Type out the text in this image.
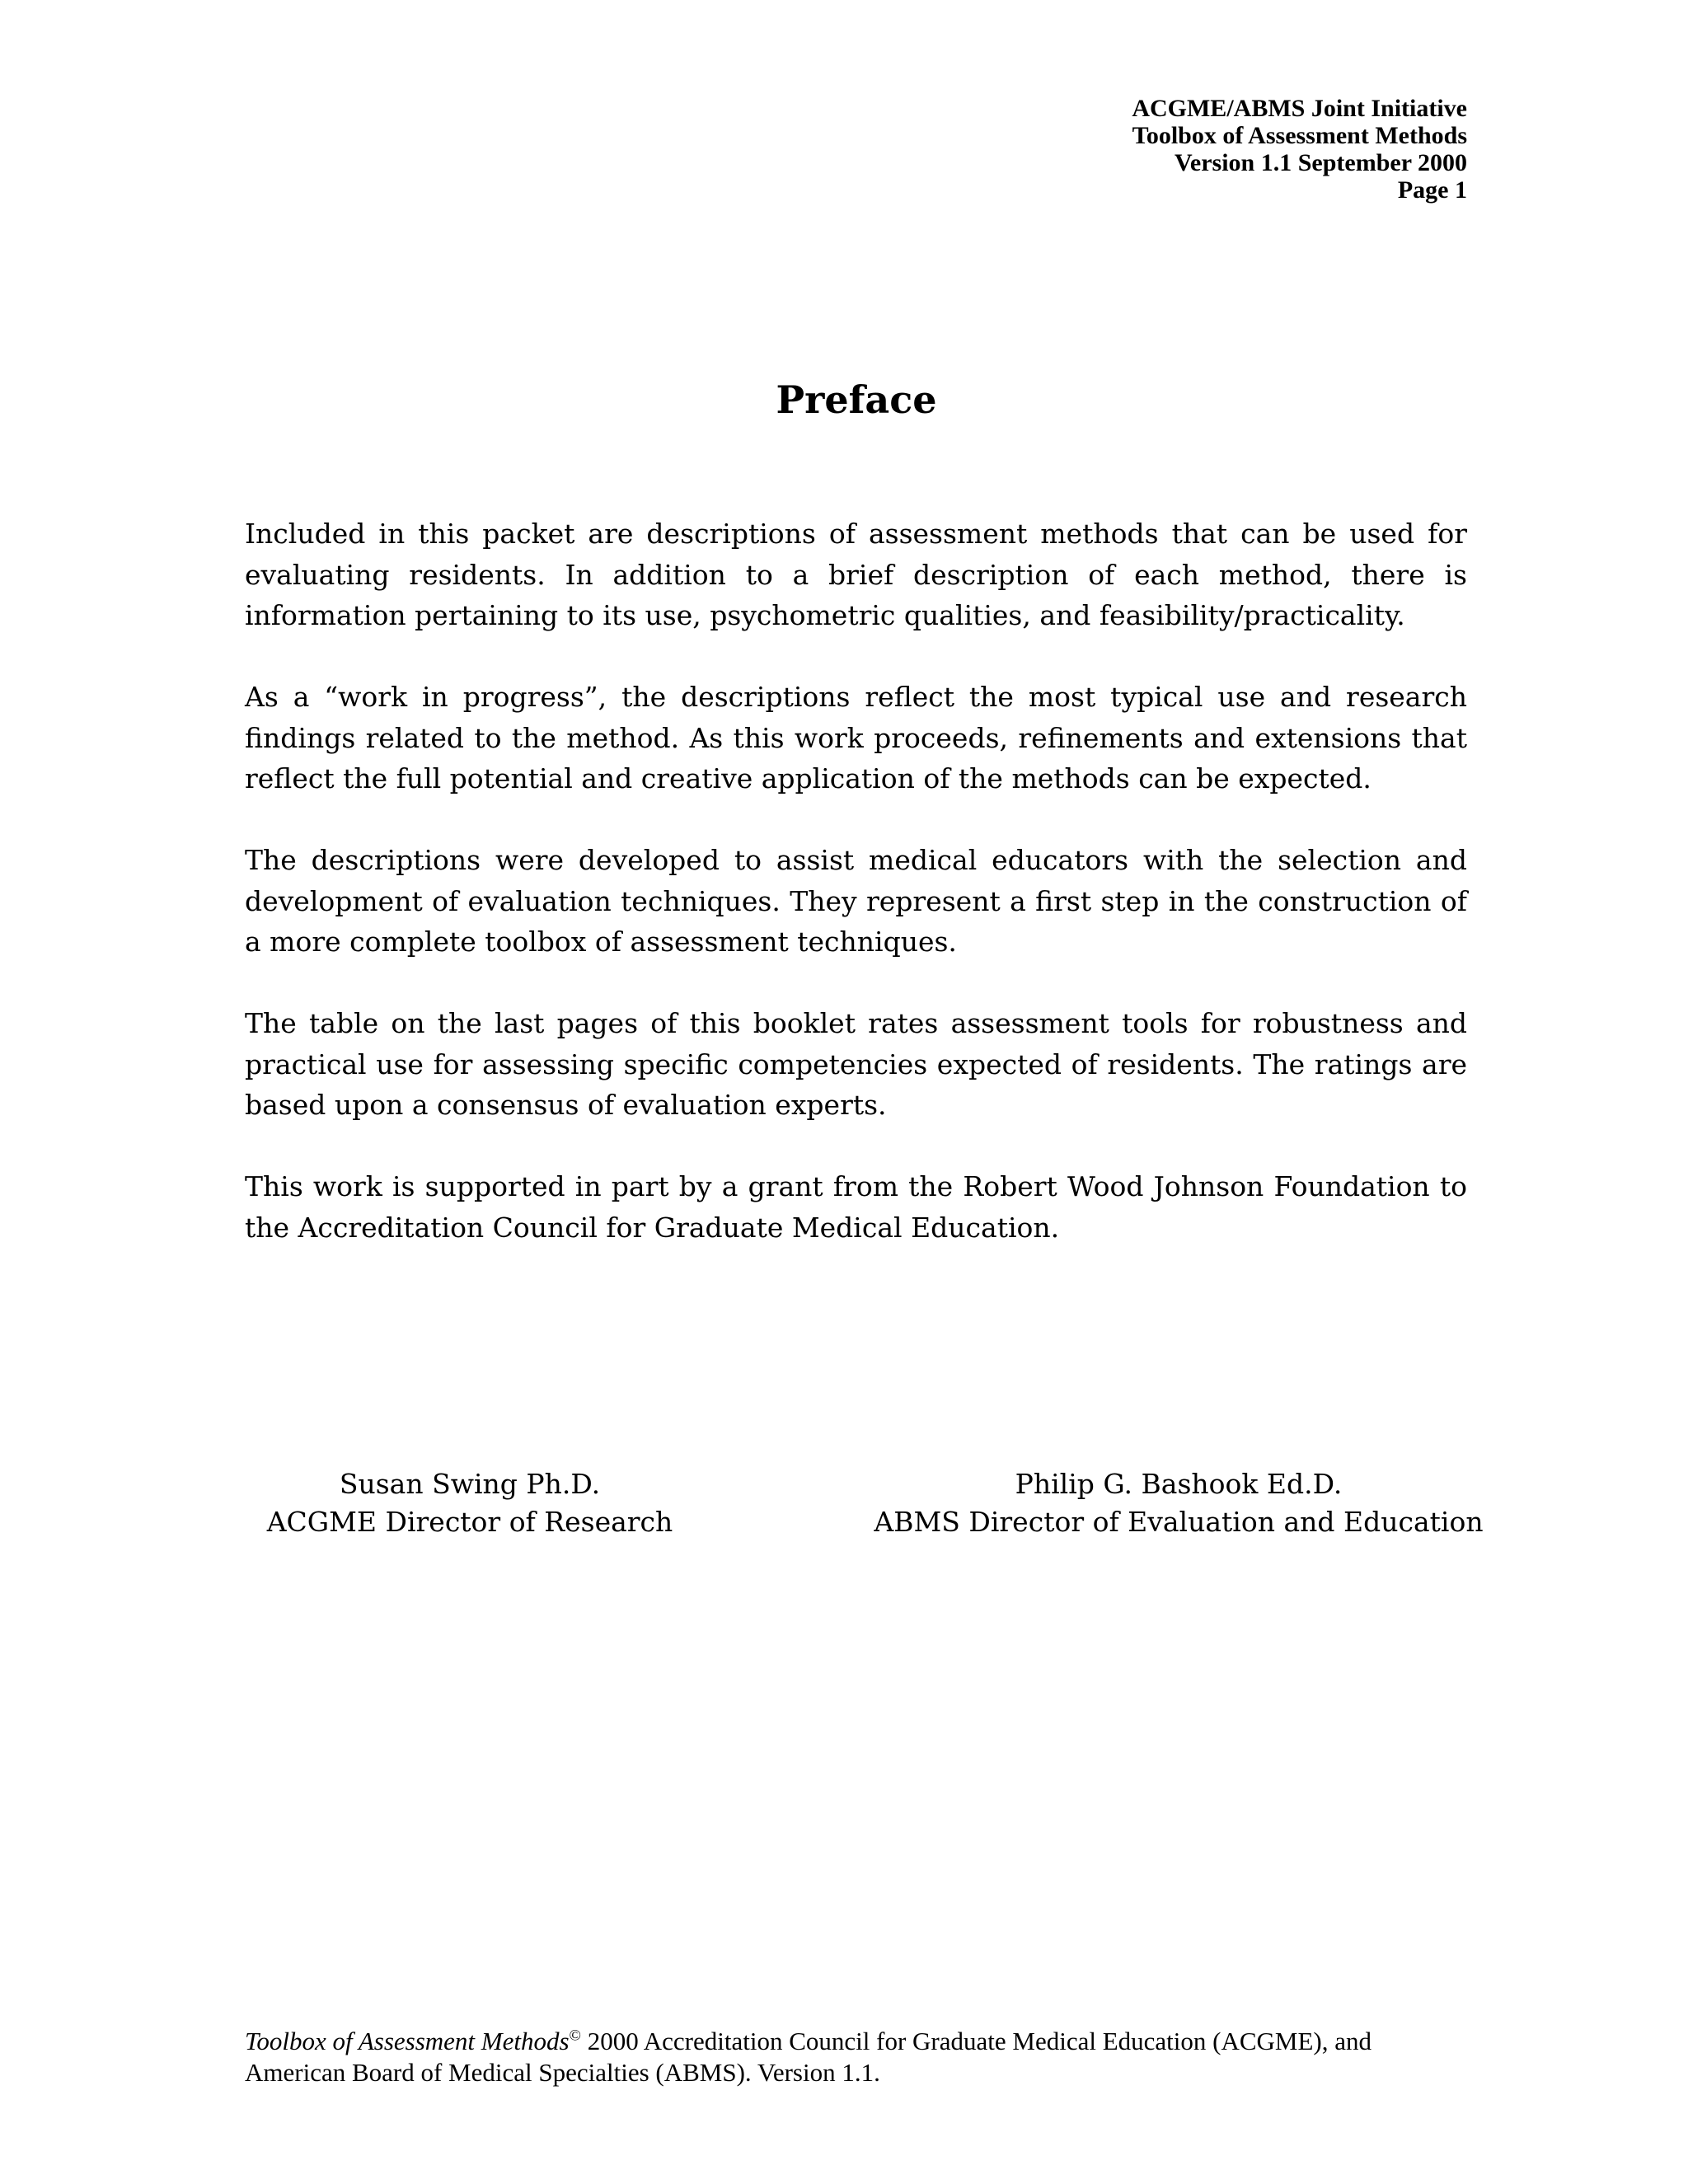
ACGME/ABMS Joint Initiative
Toolbox of Assessment Methods
Version 1.1 September 2000
Page 1
Preface

Included in this packet are descriptions of assessment methods that can be used for evaluating residents. In addition to a brief description of each method, there is information pertaining to its use, psychometric qualities, and feasibility/practicality.

As a “work in progress”, the descriptions reflect the most typical use and research findings related to the method. As this work proceeds, refinements and extensions that reflect the full potential and creative application of the methods can be expected.

The descriptions were developed to assist medical educators with the selection and development of evaluation techniques. They represent a first step in the construction of a more complete toolbox of assessment techniques.

The table on the last pages of this booklet rates assessment tools for robustness and practical use for assessing specific competencies expected of residents. The ratings are based upon a consensus of evaluation experts.

This work is supported in part by a grant from the Robert Wood Johnson Foundation to the Accreditation Council for Graduate Medical Education.

Susan Swing Ph.D.
ACGME Director of Research
Philip G. Bashook Ed.D.
ABMS Director of Evaluation and Education
Toolbox of Assessment Methods© 2000 Accreditation Council for Graduate Medical Education (ACGME), and
American Board of Medical Specialties (ABMS). Version 1.1.
